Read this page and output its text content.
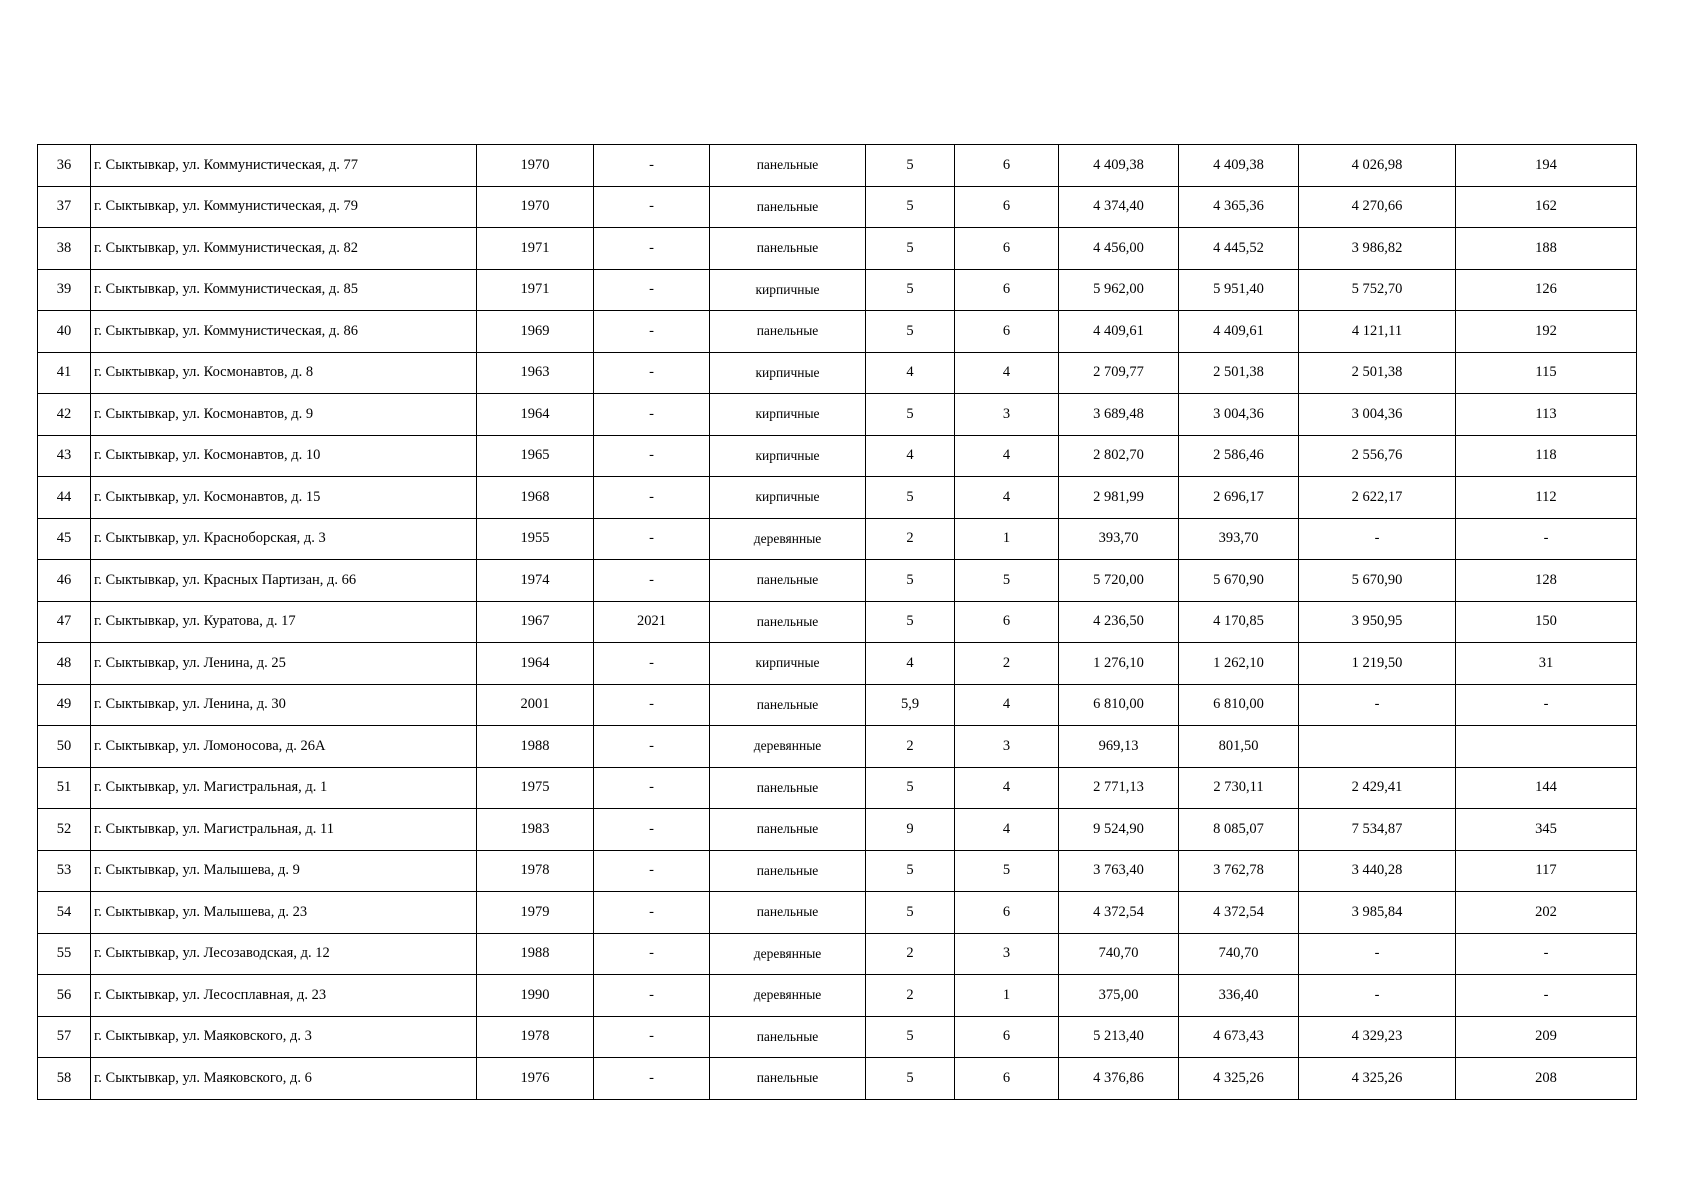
36	г. Сыктывкар, ул. Коммунистическая, д. 77	1970	-	панельные	5	6	4 409,38	4 409,38	4 026,98	194
37	г. Сыктывкар, ул. Коммунистическая, д. 79	1970	-	панельные	5	6	4 374,40	4 365,36	4 270,66	162
38	г. Сыктывкар, ул. Коммунистическая, д. 82	1971	-	панельные	5	6	4 456,00	4 445,52	3 986,82	188
39	г. Сыктывкар, ул. Коммунистическая, д. 85	1971	-	кирпичные	5	6	5 962,00	5 951,40	5 752,70	126
40	г. Сыктывкар, ул. Коммунистическая, д. 86	1969	-	панельные	5	6	4 409,61	4 409,61	4 121,11	192
41	г. Сыктывкар, ул. Космонавтов, д. 8	1963	-	кирпичные	4	4	2 709,77	2 501,38	2 501,38	115
42	г. Сыктывкар, ул. Космонавтов, д. 9	1964	-	кирпичные	5	3	3 689,48	3 004,36	3 004,36	113
43	г. Сыктывкар, ул. Космонавтов, д. 10	1965	-	кирпичные	4	4	2 802,70	2 586,46	2 556,76	118
44	г. Сыктывкар, ул. Космонавтов, д. 15	1968	-	кирпичные	5	4	2 981,99	2 696,17	2 622,17	112
45	г. Сыктывкар, ул. Красноборская, д. 3	1955	-	деревянные	2	1	393,70	393,70	-	-
46	г. Сыктывкар, ул. Красных Партизан, д. 66	1974	-	панельные	5	5	5 720,00	5 670,90	5 670,90	128
47	г. Сыктывкар, ул. Куратова, д. 17	1967	2021	панельные	5	6	4 236,50	4 170,85	3 950,95	150
48	г. Сыктывкар, ул. Ленина, д. 25	1964	-	кирпичные	4	2	1 276,10	1 262,10	1 219,50	31
49	г. Сыктывкар, ул. Ленина, д. 30	2001	-	панельные	5,9	4	6 810,00	6 810,00	-	-
50	г. Сыктывкар, ул. Ломоносова, д. 26А	1988	-	деревянные	2	3	969,13	801,50		
51	г. Сыктывкар, ул. Магистральная, д. 1	1975	-	панельные	5	4	2 771,13	2 730,11	2 429,41	144
52	г. Сыктывкар, ул. Магистральная, д. 11	1983	-	панельные	9	4	9 524,90	8 085,07	7 534,87	345
53	г. Сыктывкар, ул. Малышева, д. 9	1978	-	панельные	5	5	3 763,40	3 762,78	3 440,28	117
54	г. Сыктывкар, ул. Малышева, д. 23	1979	-	панельные	5	6	4 372,54	4 372,54	3 985,84	202
55	г. Сыктывкар, ул. Лесозаводская, д. 12	1988	-	деревянные	2	3	740,70	740,70	-	-
56	г. Сыктывкар, ул. Лесосплавная, д. 23	1990	-	деревянные	2	1	375,00	336,40	-	-
57	г. Сыктывкар, ул. Маяковского, д. 3	1978	-	панельные	5	6	5 213,40	4 673,43	4 329,23	209
58	г. Сыктывкар, ул. Маяковского, д. 6	1976	-	панельные	5	6	4 376,86	4 325,26	4 325,26	208
